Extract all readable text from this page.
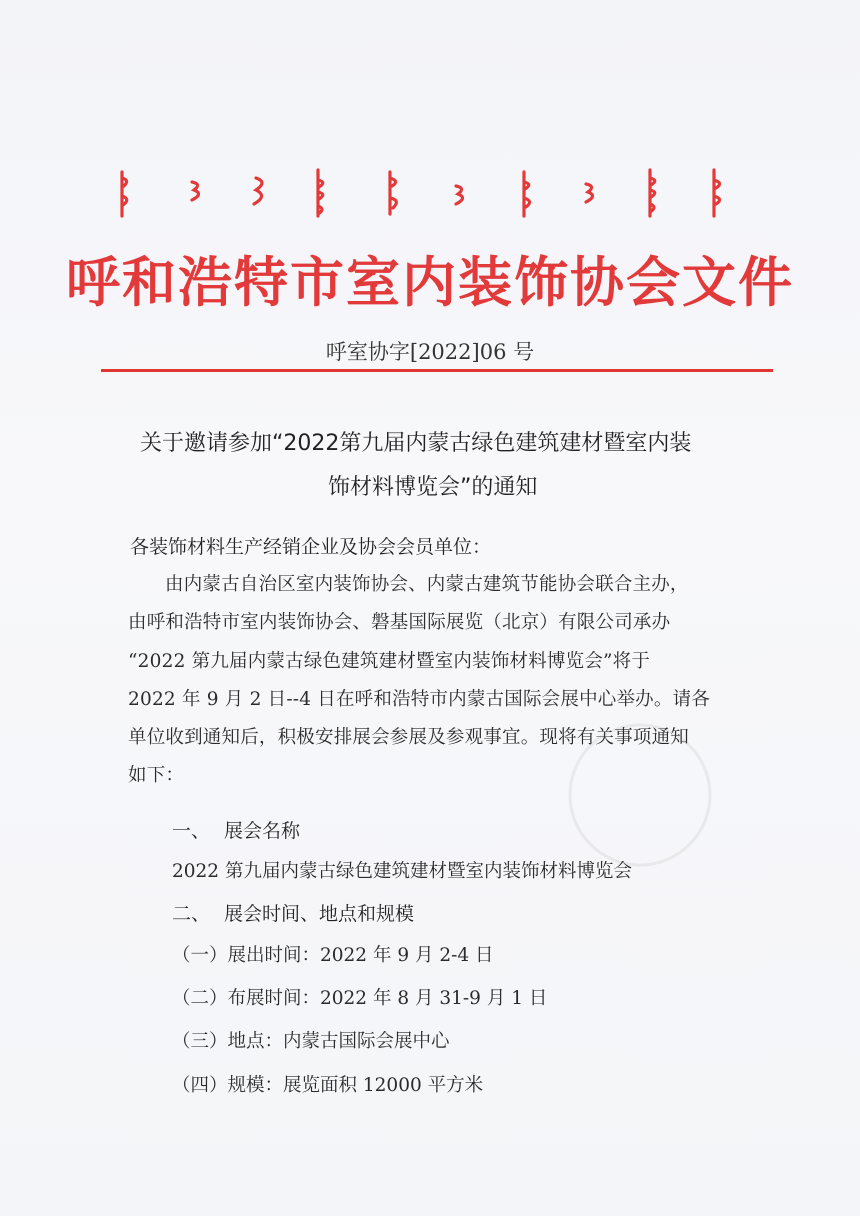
呼和浩特市室内装饰协会文件
呼室协字[2022]06 号
关于邀请参加“2022第九届内蒙古绿色建筑建材暨室内装
饰材料博览会”的通知
各装饰材料生产经销企业及协会会员单位：

由内蒙古自治区室内装饰协会、内蒙古建筑节能协会联合主办，

由呼和浩特市室内装饰协会、磐基国际展览（北京）有限公司承办

“2022 第九届内蒙古绿色建筑建材暨室内装饰材料博览会”将于

2022 年 9 月 2 日--4 日在呼和浩特市内蒙古国际会展中心举办。请各

单位收到通知后，积极安排展会参展及参观事宜。现将有关事项通知

如下：

一、 展会名称
2022 第九届内蒙古绿色建筑建材暨室内装饰材料博览会
二、 展会时间、地点和规模
（一）展出时间：2022 年 9 月 2-4 日
（二）布展时间：2022 年 8 月 31-9 月 1 日
（三）地点：内蒙古国际会展中心
（四）规模：展览面积 12000 平方米
